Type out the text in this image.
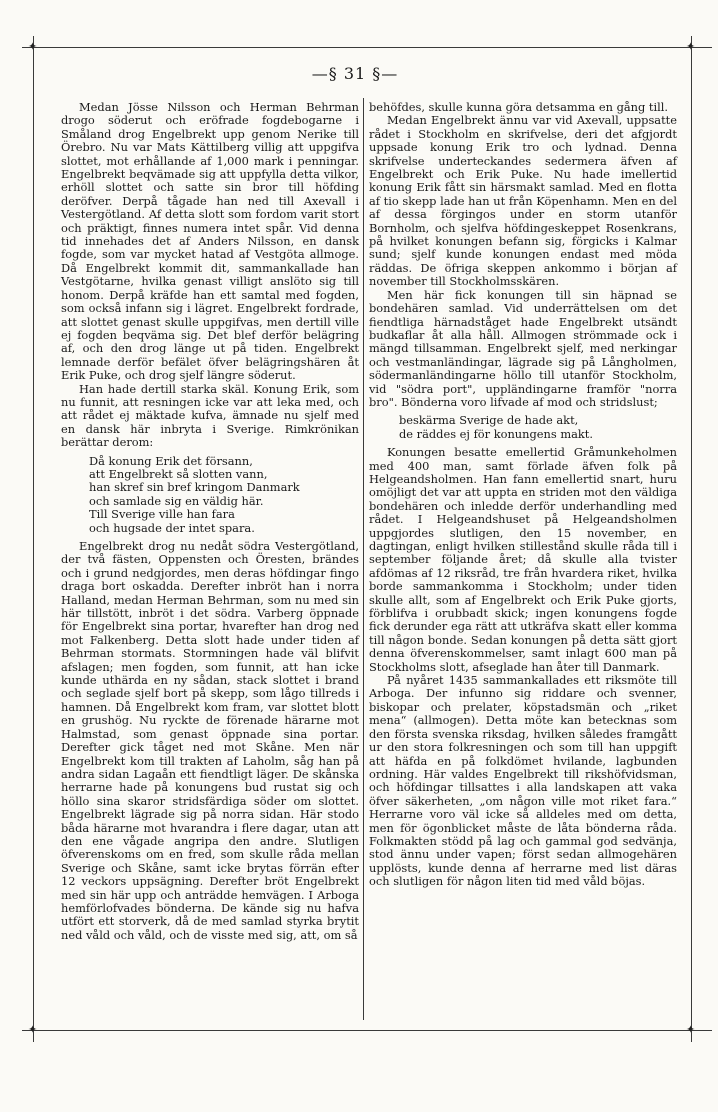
✦	✦
✦	✦
—§ 31 §—

Medan Jösse Nilsson och Herman Behrman drogo söderut och eröfrade fogdebogarne i Småland drog Engelbrekt upp genom Nerike till Örebro. Nu var Mats Kättilberg villig att uppgifva slottet, mot erhållande af 1,000 mark i penningar. Engelbrekt beqvämade sig att uppfylla detta vilkor, erhöll slottet och satte sin bror till höfding deröfver. Derpå tågade han ned till Axevall i Vestergötland. Af detta slott som fordom varit stort och präktigt, finnes numera intet spår. Vid denna tid innehades det af Anders Nilsson, en dansk fogde, som var mycket hatad af Vestgöta allmoge. Då Engelbrekt kommit dit, sammankallade han Vestgötarne, hvilka genast villigt anslöto sig till honom. Derpå kräfde han ett samtal med fogden, som också infann sig i lägret. Engelbrekt fordrade, att slottet genast skulle uppgifvas, men dertill ville ej fogden beqväma sig. Det blef derför belägring af, och den drog länge ut på tiden. Engelbrekt lemnade derför befälet öfver belägringshären åt Erik Puke, och drog sjelf längre söderut.

Han hade dertill starka skäl. Konung Erik, som nu funnit, att resningen icke var att leka med, och att rådet ej mäktade kufva, ämnade nu sjelf med en dansk här inbryta i Sverige. Rimkrönikan berättar derom:

Då konung Erik det försann,
att Engelbrekt så slotten vann,
han skref sin bref kringom Danmark
och samlade sig en väldig här.
Till Sverige ville han fara
och hugsade der intet spara.

Engelbrekt drog nu nedåt södra Vestergötland, der två fästen, Oppensten och Öresten, brändes och i grund nedgjordes, men deras höfdingar fingo draga bort oskadda. Derefter inbröt han i norra Halland, medan Herman Behrman, som nu med sin här tillstött, inbröt i det södra. Varberg öppnade för Engelbrekt sina portar, hvarefter han drog ned mot Falkenberg. Detta slott hade under tiden af Behrman stormats. Stormningen hade väl blifvit afslagen; men fogden, som funnit, att han icke kunde uthärda en ny sådan, stack slottet i brand och seglade sjelf bort på skepp, som lågo tillreds i hamnen. Då Engelbrekt kom fram, var slottet blott en grushög. Nu ryckte de förenade härarne mot Halmstad, som genast öppnade sina portar. Derefter gick tåget ned mot Skåne. Men när Engelbrekt kom till trakten af Laholm, såg han på andra sidan Lagaån ett fiendtligt läger. De skånska herrarne hade på konungens bud rustat sig och höllo sina skaror stridsfärdiga söder om slottet. Engelbrekt lägrade sig på norra sidan. Här stodo båda härarne mot hvarandra i flere dagar, utan att den ene vågade angripa den andre. Slutligen öfverenskoms om en fred, som skulle råda mellan Sverige och Skåne, samt icke brytas förrän efter 12 veckors uppsägning. Derefter bröt Engelbrekt med sin här upp och anträdde hemvägen. I Arboga hemförlofvades bönderna. De kände sig nu hafva utfört ett storverk, då de med samlad styrka brytit ned våld och våld, och de visste med sig, att, om så

behöfdes, skulle kunna göra detsamma en gång till.

Medan Engelbrekt ännu var vid Axevall, uppsatte rådet i Stockholm en skrifvelse, deri det afgjordt uppsade konung Erik tro och lydnad. Denna skrifvelse underteckandes sedermera äfven af Engelbrekt och Erik Puke. Nu hade imellertid konung Erik fått sin härsmakt samlad. Med en flotta af tio skepp lade han ut från Köpenhamn. Men en del af dessa förgingos under en storm utanför Bornholm, och sjelfva höfdingeskeppet Rosenkrans, på hvilket konungen befann sig, förgicks i Kalmar sund; sjelf kunde konungen endast med möda räddas. De öfriga skeppen ankommo i början af november till Stockholmsskären.

Men här fick konungen till sin häpnad se bondehären samlad. Vid underrättelsen om det fiendtliga härnadståget hade Engelbrekt utsändt budkaflar åt alla håll. Allmogen strömmade ock i mängd tillsamman. Engelbrekt sjelf, med nerkingar och vestmanländingar, lägrade sig på Långholmen, södermanländingarne höllo till utanför Stockholm, vid "södra port", uppländingarne framför "norra bro". Bönderna voro lifvade af mod och stridslust;

beskärma Sverige de hade akt,
de räddes ej för konungens makt.

Konungen besatte emellertid Gråmunkeholmen med 400 man, samt förlade äfven folk på Helgeandsholmen. Han fann emellertid snart, huru omöjligt det var att uppta en striden mot den väldiga bondehären och inledde derför underhandling med rådet. I Helgeandshuset på Helgeandsholmen uppgjordes slutligen, den 15 november, en dagtingan, enligt hvilken stillestånd skulle råda till i september följande året; då skulle alla tvister afdömas af 12 riksråd, tre från hvardera riket, hvilka borde sammankomma i Stockholm; under tiden skulle allt, som af Engelbrekt och Erik Puke gjorts, förblifva i orubbadt skick; ingen konungens fogde fick derunder ega rätt att utkräfva skatt eller komma till någon bonde. Sedan konungen på detta sätt gjort denna öfverenskommelser, samt inlagt 600 man på Stockholms slott, afseglade han åter till Danmark.

På nyåret 1435 sammankallades ett riksmöte till Arboga. Der infunno sig riddare och svenner, biskopar och prelater, köpstadsmän och „riket mena“ (allmogen). Detta möte kan betecknas som den första svenska riksdag, hvilken således framgått ur den stora folkresningen och som till han uppgift att häfda en på folkdömet hvilande, lagbunden ordning. Här valdes Engelbrekt till rikshöfvidsman, och höfdingar tillsattes i alla landskapen att vaka öfver säkerheten, „om någon ville mot riket fara.“ Herrarne voro väl icke så alldeles med om detta, men för ögonblicket måste de låta bönderna råda. Folkmakten stödd på lag och gammal god sedvänja, stod ännu under vapen; först sedan allmogehären upplösts, kunde denna af herrarne med list däras och slutligen för någon liten tid med våld böjas.
